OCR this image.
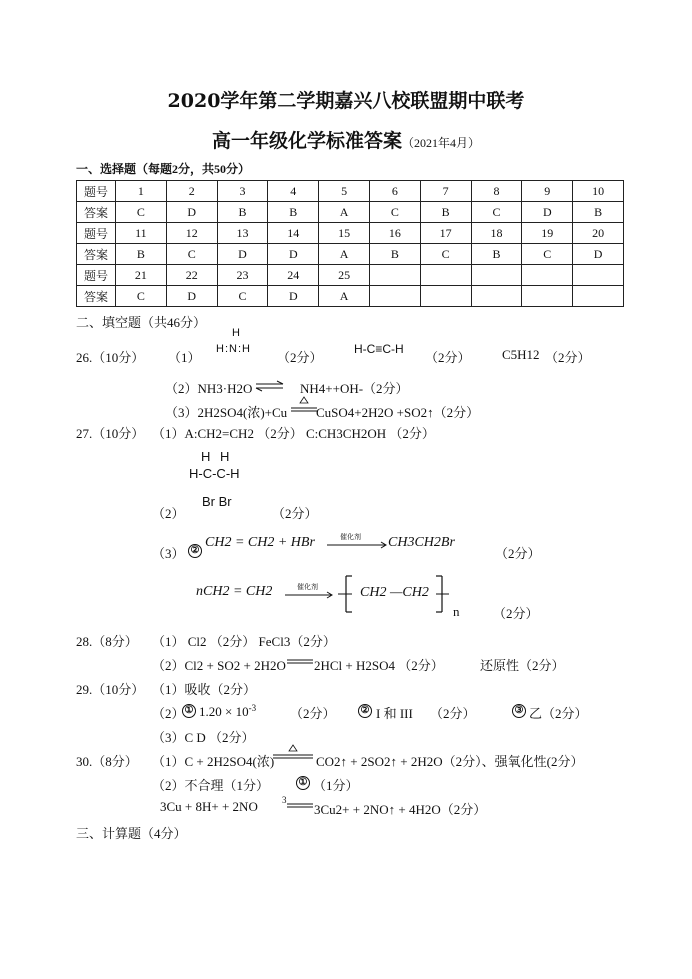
2020学年第二学期嘉兴八校联盟期中联考
高一年级化学标准答案（2021年4月）
一、选择题（每题2分，共50分）
题号	1	2	3	4	5	6	7	8	9	10
答案	C	D	B	B	A	C	B	C	D	B
题号	11	12	13	14	15	16	17	18	19	20
答案	B	C	D	D	A	B	C	B	C	D
题号	21	22	23	24	25					
答案	C	D	C	D	A					
二、填空题（共46分）
26.（10分） （1）
H
H:N:H
（2分）
H-C≡C-H
（2分） C5H12 （2分）
（2）NH3·H2O ⇌ NH4++OH-（2分）
（3）2H2SO4(浓)+Cu CuSO4+2H2O +SO2↑（2分）
27.（10分） （1）A:CH2=CH2 （2分） C:CH3CH2OH （2分）
H H
H-C-C-H
Br Br
（2）	（2分）
（3） ②
CH2 = CH2 + HBr	催化剂 CH3CH2Br
（2分）
nCH2 = CH2	催化剂	CH2 —CH2
n	（2分）
28.（8分） （1） Cl2 （2分） FeCl3（2分）
（2）Cl2 + SO2 + 2H2O 2HCl + H2SO4 （2分）	还原性（2分）
29.（10分） （1）吸收（2分）
（2） ① $1.20 \times 10^{-3}$	（2分）	② I 和 III （2分）	③ 乙（2分）
（3）C D （2分）
30.（8分） （1）C + 2H2SO4(浓)	CO2↑ + 2SO2↑ + 2H2O（2分）、强氧化性(2分）
（2）不合理（1分）	① （1分）
3Cu + 8H+ + 2NO	3
3Cu2+ + 2NO↑ + 4H2O（2分）
三、计算题（4分）
